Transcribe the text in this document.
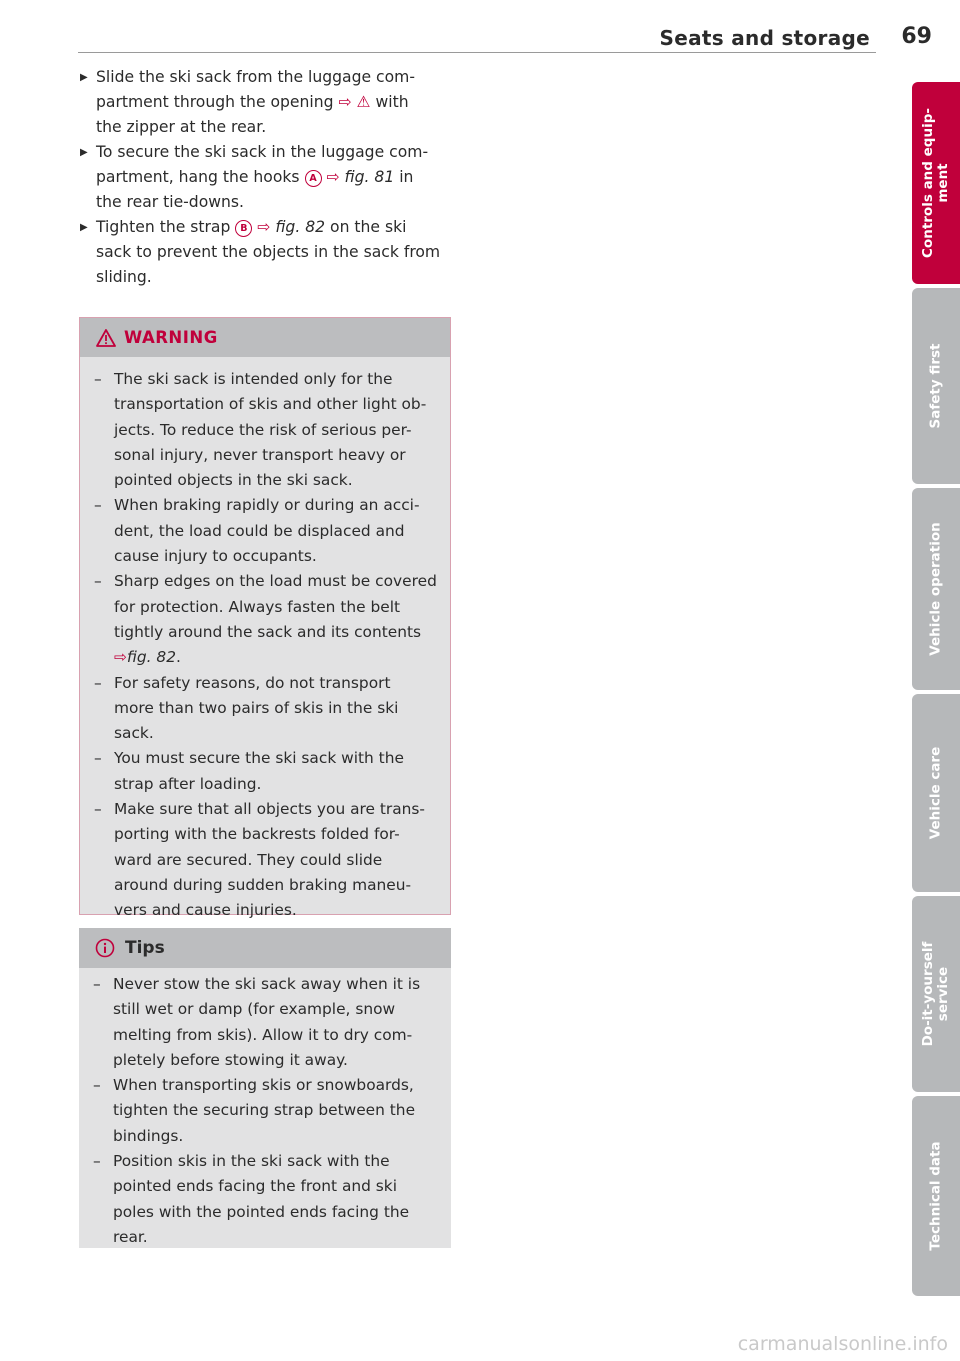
Seats and storage 69

▶ Slide the ski sack from the luggage com-
partment through the opening ⇨ ⚠ with
the zipper at the rear.

▶ To secure the ski sack in the luggage com-
partment, hang the hooks A ⇨ fig. 81 in
the rear tie-downs.

▶ Tighten the strap B ⇨ fig. 82 on the ski
sack to prevent the objects in the sack from
sliding.

WARNING
– The ski sack is intended only for the
transportation of skis and other light ob-
jects. To reduce the risk of serious per-
sonal injury, never transport heavy or
pointed objects in the ski sack.
– When braking rapidly or during an acci-
dent, the load could be displaced and
cause injury to occupants.
– Sharp edges on the load must be covered
for protection. Always fasten the belt
tightly around the sack and its contents
⇨fig. 82.
– For safety reasons, do not transport
more than two pairs of skis in the ski
sack.
– You must secure the ski sack with the
strap after loading.
– Make sure that all objects you are trans-
porting with the backrests folded for-
ward are secured. They could slide
around during sudden braking maneu-
vers and cause injuries.
Tips
– Never stow the ski sack away when it is
still wet or damp (for example, snow
melting from skis). Allow it to dry com-
pletely before stowing it away.
– When transporting skis or snowboards,
tighten the securing strap between the
bindings.
– Position skis in the ski sack with the
pointed ends facing the front and ski
poles with the pointed ends facing the
rear.
Controls and equip- ment
Safety first
Vehicle operation
Vehicle care
Do-it-yourself service
Technical data
carmanualsonline.info
